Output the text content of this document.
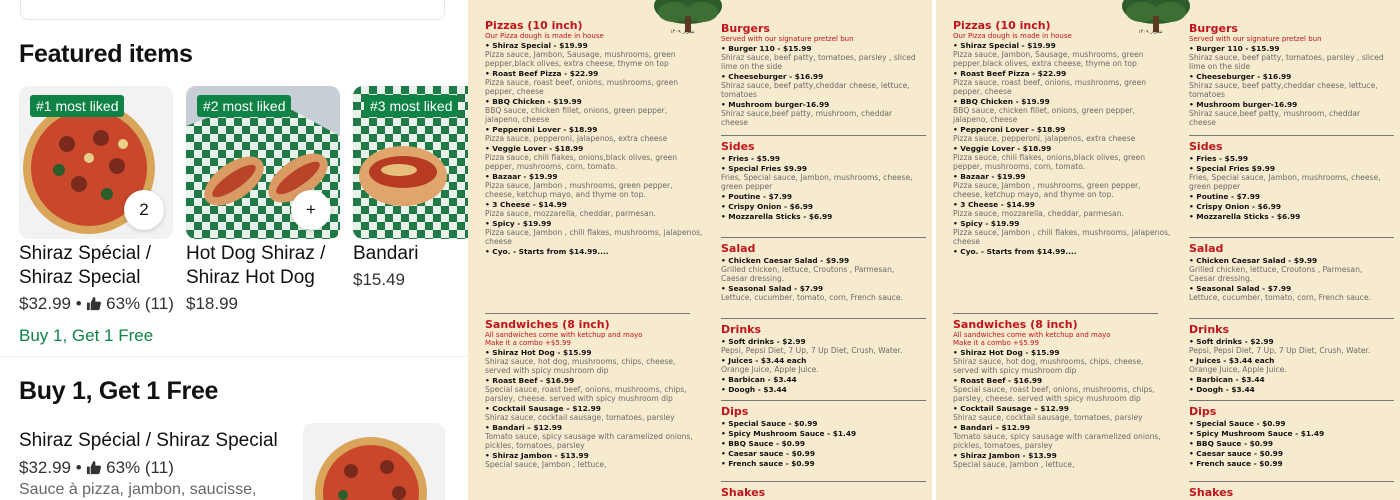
Featured items
#1 most liked
2
Shiraz Spécial / Shiraz Special
$32.99 • 63% (11)
Buy 1, Get 1 Free
#2 most liked
+
Hot Dog Shiraz / Shiraz Hot Dog
$18.99
#3 most liked
Bandari
$15.49
Buy 1, Get 1 Free
Shiraz Spécial / Shiraz Special
$32.99 • 63% (11)
Sauce à pizza, jambon, saucisse,
شیراز ۱۴۰۹
Pizzas (10 inch)
Our Pizza dough is made in house
• Shiraz Special - $19.99
Pizza sauce, Jambon, Sausage, mushrooms, green pepper,black olives, extra cheese, thyme on top
• Roast Beef Pizza - $22.99
Pizza sauce, roast beef, onions, mushrooms, green pepper, cheese
• BBQ Chicken - $19.99
BBQ sauce, chicken fillet, onions, green pepper, jalapeno, cheese
• Pepperoni Lover - $18.99
Pizza sauce, pepperoni, jalapenos, extra cheese
• Veggie Lover - $18.99
Pizza sauce, chili flakes, onions,black olives, green pepper, mushrooms, corn, tomato.
• Bazaar - $19.99
Pizza sauce, Jambon , mushrooms, green pepper, cheese, ketchup mayo, and thyme on top.
• 3 Cheese - $14.99
Pizza sauce, mozzarella, cheddar, parmesan.
• Spicy - $19.99
Pizza sauce, Jambon , chili flakes, mushrooms, jalapenos, cheese
• Cyo. - Starts from $14.99....
Sandwiches (8 inch)
All sandwiches come with ketchup and mayo
Make it a combo +$5.99
• Shiraz Hot Dog - $15.99
Shiraz sauce, hot dog, mushrooms, chips, cheese, served with spicy mushroom dip
• Roast Beef - $16.99
Special sauce, roast beef, onions, mushrooms, chips, parsley, cheese. served with spicy mushroom dip
• Cocktail Sausage – $12.99
Shiraz sauce, cocktail sausage, tomatoes, parsley
• Bandari – $12.99
Tomato sauce, spicy sausage with caramelized onions, pickles, tomatoes, parsley
• Shiraz Jambon - $13.99
Special sauce, Jambon , lettuce,
Burgers
Served with our signature pretzel bun
• Burger 110 - $15.99
Shiraz sauce, beef patty, tomatoes, parsley , sliced lime on the side
• Cheeseburger - $16.99
Shiraz sauce, beef patty,cheddar cheese, lettuce, tomatoes
• Mushroom burger-16.99
Shiraz sauce,beef patty, mushroom, cheddar cheese
Sides
• Fries - $5.99
• Special Fries $9.99
Fries, Special sauce, Jambon, mushrooms, cheese, green pepper
• Poutine - $7.99
• Crispy Onion - $6.99
• Mozzarella Sticks - $6.99
Salad
• Chicken Caesar Salad - $9.99
Grilled chicken, lettuce, Croutons , Parmesan, Caesar dressing.
• Seasonal Salad - $7.99
Lettuce, cucumber, tomato, corn, French sauce.
Drinks
• Soft drinks - $2.99
Pepsi, Pepsi Diet, 7 Up, 7 Up Diet, Crush, Water.
• Juices - $3.44 each
Orange Juice, Apple Juice.
• Barbican - $3.44
• Doogh - $3.44
Dips
• Special Sauce - $0.99
• Spicy Mushroom Sauce - $1.49
• BBQ Sauce - $0.99
• Caesar sauce - $0.99
• French sauce - $0.99
Shakes
شیراز ۱۴۰۹
Pizzas (10 inch)
Our Pizza dough is made in house
• Shiraz Special - $19.99
Pizza sauce, Jambon, Sausage, mushrooms, green pepper,black olives, extra cheese, thyme on top
• Roast Beef Pizza - $22.99
Pizza sauce, roast beef, onions, mushrooms, green pepper, cheese
• BBQ Chicken - $19.99
BBQ sauce, chicken fillet, onions, green pepper, jalapeno, cheese
• Pepperoni Lover - $18.99
Pizza sauce, pepperoni, jalapenos, extra cheese
• Veggie Lover - $18.99
Pizza sauce, chili flakes, onions,black olives, green pepper, mushrooms, corn, tomato.
• Bazaar - $19.99
Pizza sauce, Jambon , mushrooms, green pepper, cheese, ketchup mayo, and thyme on top.
• 3 Cheese - $14.99
Pizza sauce, mozzarella, cheddar, parmesan.
• Spicy - $19.99
Pizza sauce, Jambon , chili flakes, mushrooms, jalapenos, cheese
• Cyo. - Starts from $14.99....
Sandwiches (8 inch)
All sandwiches come with ketchup and mayo
Make it a combo +$5.99
• Shiraz Hot Dog - $15.99
Shiraz sauce, hot dog, mushrooms, chips, cheese, served with spicy mushroom dip
• Roast Beef - $16.99
Special sauce, roast beef, onions, mushrooms, chips, parsley, cheese. served with spicy mushroom dip
• Cocktail Sausage – $12.99
Shiraz sauce, cocktail sausage, tomatoes, parsley
• Bandari – $12.99
Tomato sauce, spicy sausage with caramelized onions, pickles, tomatoes, parsley
• Shiraz Jambon - $13.99
Special sauce, Jambon , lettuce,
Burgers
Served with our signature pretzel bun
• Burger 110 - $15.99
Shiraz sauce, beef patty, tomatoes, parsley , sliced lime on the side
• Cheeseburger - $16.99
Shiraz sauce, beef patty,cheddar cheese, lettuce, tomatoes
• Mushroom burger-16.99
Shiraz sauce,beef patty, mushroom, cheddar cheese
Sides
• Fries - $5.99
• Special Fries $9.99
Fries, Special sauce, Jambon, mushrooms, cheese, green pepper
• Poutine - $7.99
• Crispy Onion - $6.99
• Mozzarella Sticks - $6.99
Salad
• Chicken Caesar Salad - $9.99
Grilled chicken, lettuce, Croutons , Parmesan, Caesar dressing.
• Seasonal Salad - $7.99
Lettuce, cucumber, tomato, corn, French sauce.
Drinks
• Soft drinks - $2.99
Pepsi, Pepsi Diet, 7 Up, 7 Up Diet, Crush, Water.
• Juices - $3.44 each
Orange Juice, Apple Juice.
• Barbican - $3.44
• Doogh - $3.44
Dips
• Special Sauce - $0.99
• Spicy Mushroom Sauce - $1.49
• BBQ Sauce - $0.99
• Caesar sauce - $0.99
• French sauce - $0.99
Shakes
